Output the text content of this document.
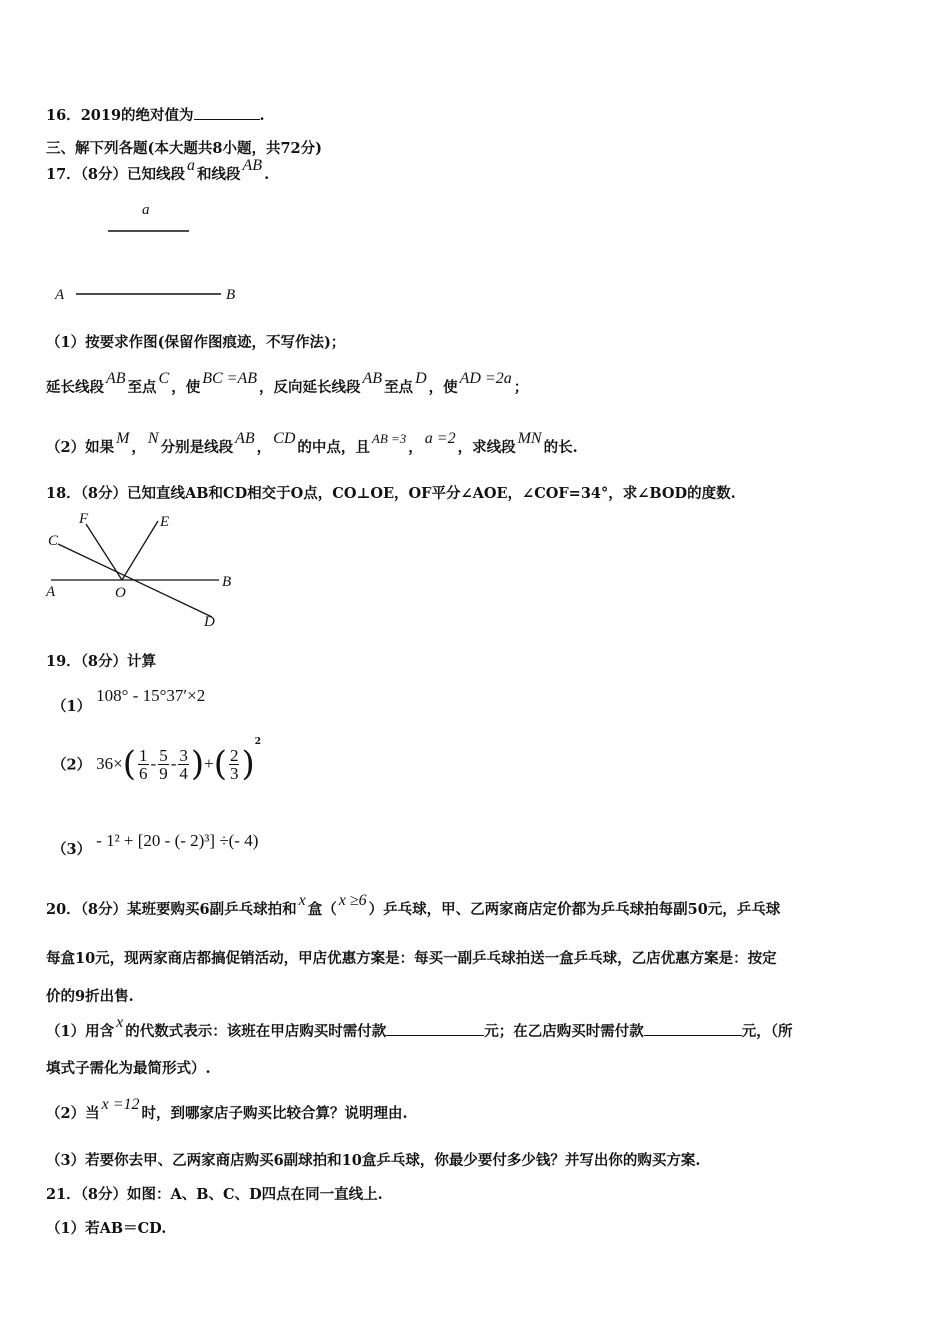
16．2019的绝对值为	.
三、解下列各题(本大题共8小题，共72分)
17．（8分）已知线段a和线段AB.
a
A	B
（1）按要求作图(保留作图痕迹，不写作法)；
延长线段AB至点C，使BC =AB，反向延长线段AB至点D，使AD =2a；
（2）如果M，N分别是线段AB，CD的中点，且AB =3，a =2，求线段MN的长.
18．（8分）已知直线AB和CD相交于O点，CO⊥OE，OF平分∠AOE，∠COF=34°，求∠BOD的度数.
F	E
C
A	O
B
D
19．（8分）计算
（1） 108° - 15°37′×2
（2） $36\times( \frac{1}{6} - \frac{5}{9} - \frac{3}{4}$ )+( $\frac{2}{3} )^2$
（3） - 1² + [20 - (- 2)³] ÷(- 4)
20．（8分）某班要购买6副乒乓球拍和x盒（x ≥6）乒乓球，甲、乙两家商店定价都为乒乓球拍每副50元，乒乓球
每盒10元，现两家商店都搞促销活动，甲店优惠方案是：每买一副乒乓球拍送一盒乒乓球，乙店优惠方案是：按定
价的9折出售.
（1）用含x的代数式表示：该班在甲店购买时需付款	元；在乙店购买时需付款	元，（所
填式子需化为最简形式）.
（2）当x =12时，到哪家店子购买比较合算？说明理由.
（3）若要你去甲、乙两家商店购买6副球拍和10盒乒乓球，你最少要付多少钱？并写出你的购买方案.
21．（8分）如图：A、B、C、D四点在同一直线上.
（1）若AB＝CD.
